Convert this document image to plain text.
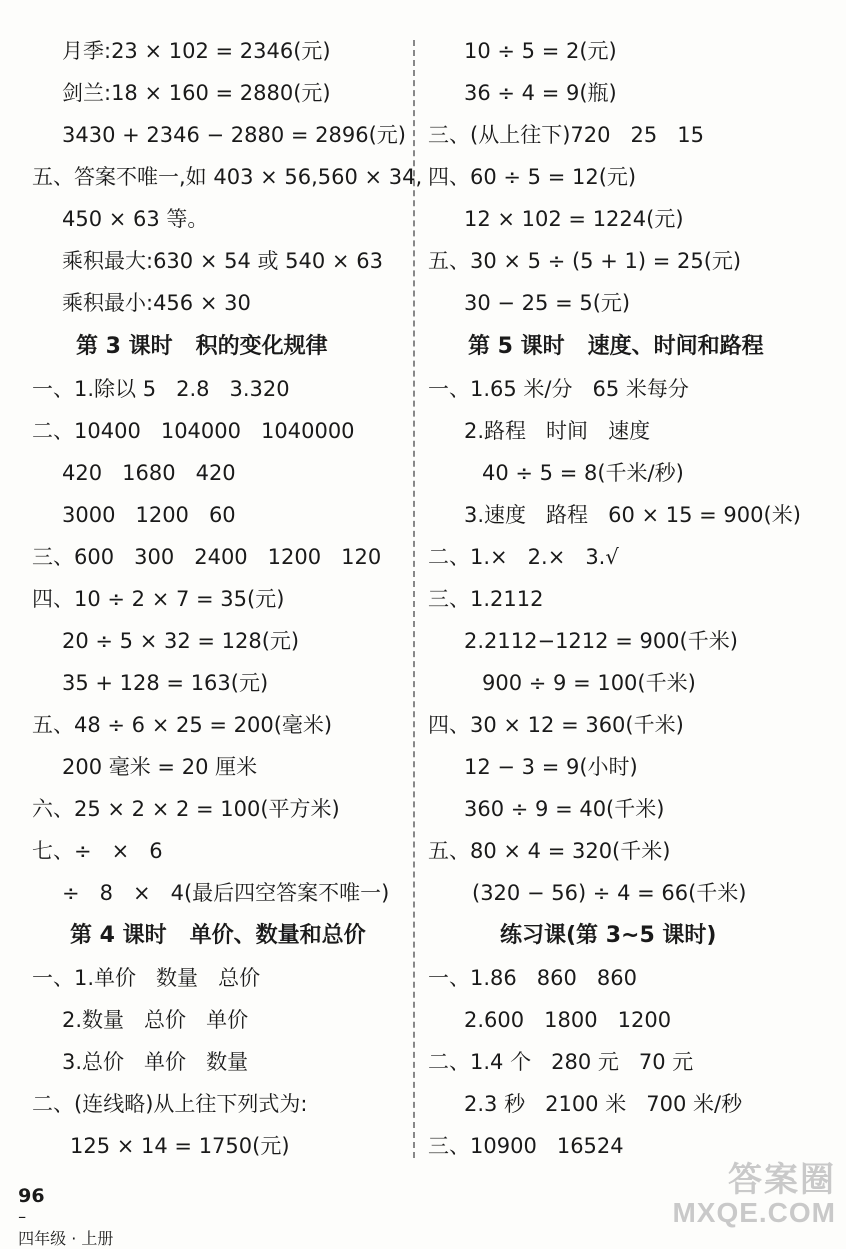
月季:23 × 102 = 2346(元)
剑兰:18 × 160 = 2880(元)
3430 + 2346 − 2880 = 2896(元)
五、答案不唯一,如 403 × 56,560 × 34,
450 × 63 等。
乘积最大:630 × 54 或 540 × 63
乘积最小:456 × 30
第 3 课时   积的变化规律
一、1.除以 5   2.8   3.320
二、10400   104000   1040000
420   1680   420
3000   1200   60
三、600   300   2400   1200   120
四、10 ÷ 2 × 7 = 35(元)
20 ÷ 5 × 32 = 128(元)
35 + 128 = 163(元)
五、48 ÷ 6 × 25 = 200(毫米)
200 毫米 = 20 厘米
六、25 × 2 × 2 = 100(平方米)
七、÷   ×   6
÷   8   ×   4(最后四空答案不唯一)
第 4 课时   单价、数量和总价
一、1.单价   数量   总价
2.数量   总价   单价
3.总价   单价   数量
二、(连线略)从上往下列式为:
125 × 14 = 1750(元)
10 ÷ 5 = 2(元)
36 ÷ 4 = 9(瓶)
三、(从上往下)720   25   15
四、60 ÷ 5 = 12(元)
12 × 102 = 1224(元)
五、30 × 5 ÷ (5 + 1) = 25(元)
30 − 25 = 5(元)
第 5 课时   速度、时间和路程
一、1.65 米/分   65 米每分
2.路程   时间   速度
40 ÷ 5 = 8(千米/秒)
3.速度   路程   60 × 15 = 900(米)
二、1.×   2.×   3.√
三、1.2112
2.2112−1212 = 900(千米)
900 ÷ 9 = 100(千米)
四、30 × 12 = 360(千米)
12 − 3 = 9(小时)
360 ÷ 9 = 40(千米)
五、80 × 4 = 320(千米)
(320 − 56) ÷ 4 = 66(千米)
练习课(第 3~5 课时)
一、1.86   860   860
2.600   1800   1200
二、1.4 个   280 元   70 元
2.3 秒   2100 米   700 米/秒
三、10900   16524

96
–
四年级 · 上册

答案圈
MXQE.COM
